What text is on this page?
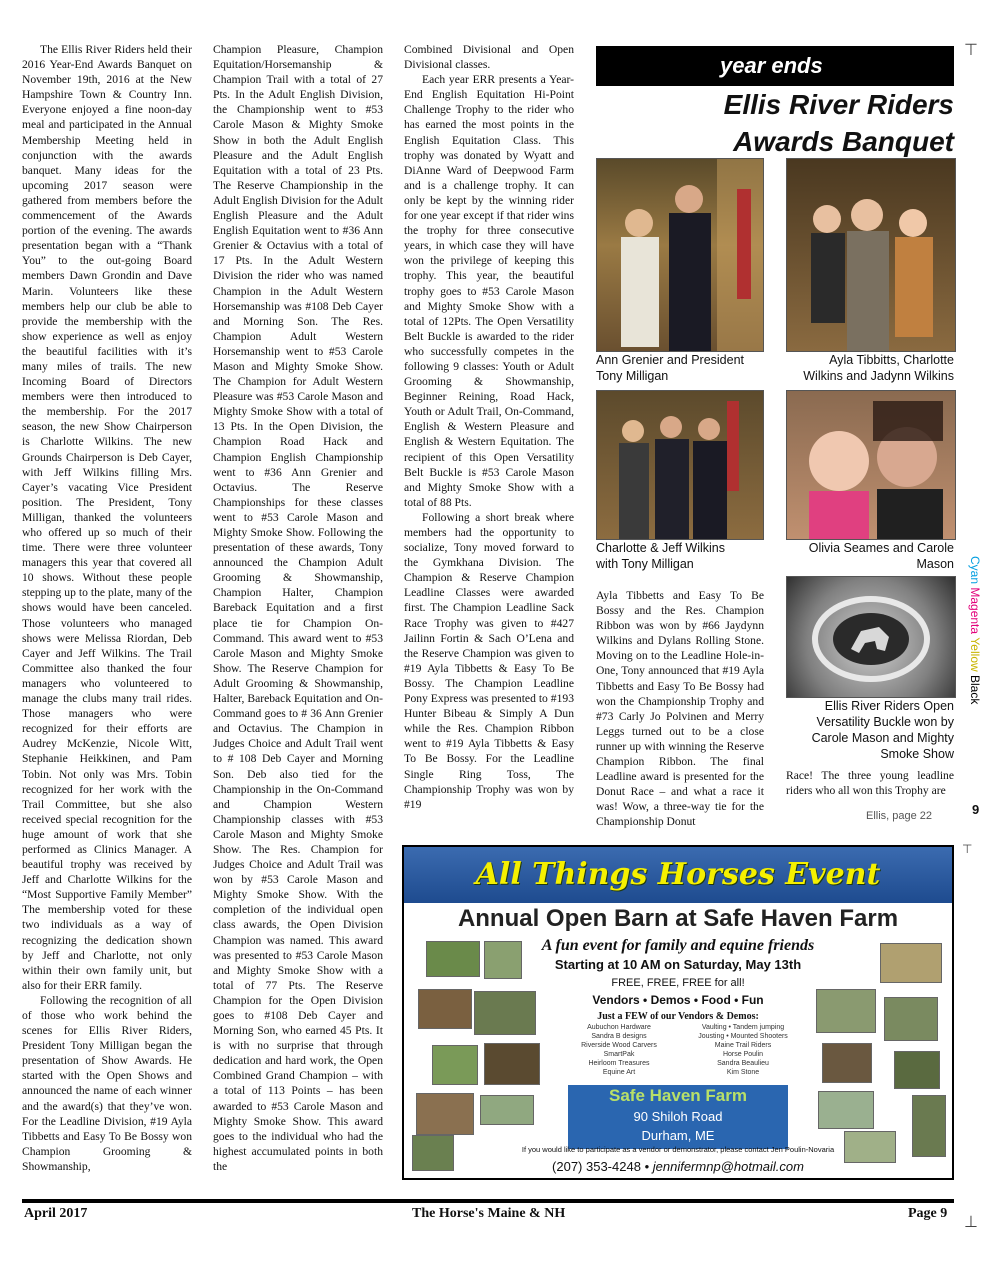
The Ellis River Riders held their 2016 Year-End Awards Banquet on November 19th, 2016 at the New Hampshire Town & Country Inn. Everyone enjoyed a fine noon-day meal and participated in the Annual Membership Meeting held in conjunction with the awards banquet. Many ideas for the upcoming 2017 season were gathered from members before the commencement of the Awards portion of the evening. The awards presentation began with a “Thank You” to the out-going Board members Dawn Grondin and Dave Marin. Volunteers like these members help our club be able to provide the membership with the show experience as well as enjoy the beautiful facilities with it’s many miles of trails. The new Incoming Board of Directors members were then introduced to the membership. For the 2017 season, the new Show Chairperson is Charlotte Wilkins. The new Grounds Chairperson is Deb Cayer, with Jeff Wilkins filling Mrs. Cayer’s vacating Vice President position. The President, Tony Milligan, thanked the volunteers who offered up so much of their time. There were three volunteer managers this year that covered all 10 shows. Without these people stepping up to the plate, many of the shows would have been canceled. Those volunteers who managed shows were Melissa Riordan, Deb Cayer and Jeff Wilkins. The Trail Committee also thanked the four managers who volunteered to manage the clubs many trail rides. Those managers who were recognized for their efforts are Audrey McKenzie, Nicole Witt, Stephanie Heikkinen, and Pam Tobin. Not only was Mrs. Tobin recognized for her work with the Trail Committee, but she also received special recognition for the huge amount of work that she performed as Clinics Manager. A beautiful trophy was received by Jeff and Charlotte Wilkins for the “Most Supportive Family Member” The membership voted for these two individuals as a way of recognizing the dedication shown by Jeff and Charlotte, not only within their own family unit, but also for their ERR family.

Following the recognition of all of those who work behind the scenes for Ellis River Riders, President Tony Milligan began the presentation of Show Awards. He started with the Open Shows and announced the name of each winner and the award(s) that they’ve won. For the Leadline Division, #19 Ayla Tibbetts and Easy To Be Bossy won Champion Grooming & Showmanship,

Champion Pleasure, Champion Equitation/Horsemanship & Champion Trail with a total of 27 Pts. In the Adult English Division, the Championship went to #53 Carole Mason & Mighty Smoke Show in both the Adult English Pleasure and the Adult English Equitation with a total of 23 Pts. The Reserve Championship in the Adult English Division for the Adult English Pleasure and the Adult English Equitation went to #36 Ann Grenier & Octavius with a total of 17 Pts. In the Adult Western Division the rider who was named Champion in the Adult Western Horsemanship was #108 Deb Cayer and Morning Son. The Res. Champion Adult Western Horsemanship went to #53 Carole Mason and Mighty Smoke Show. The Champion for Adult Western Pleasure was #53 Carole Mason and Mighty Smoke Show with a total of 13 Pts. In the Open Division, the Champion Road Hack and Champion English Championship went to #36 Ann Grenier and Octavius. The Reserve Championships for these classes went to #53 Carole Mason and Mighty Smoke Show. Following the presentation of these awards, Tony announced the Champion Adult Grooming & Showmanship, Champion Halter, Champion Bareback Equitation and a first place tie for Champion On-Command. This award went to #53 Carole Mason and Mighty Smoke Show. The Reserve Champion for Adult Grooming & Showmanship, Halter, Bareback Equitation and On-Command goes to # 36 Ann Grenier and Octavius. The Champion in Judges Choice and Adult Trail went to # 108 Deb Cayer and Morning Son. Deb also tied for the Championship in the On-Command and Champion Western Championship classes with #53 Carole Mason and Mighty Smoke Show. The Res. Champion for Judges Choice and Adult Trail was won by #53 Carole Mason and Mighty Smoke Show. With the completion of the individual open class awards, the Open Division Champion was named. This award was presented to #53 Carole Mason and Mighty Smoke Show with a total of 77 Pts. The Reserve Champion for the Open Division goes to #108 Deb Cayer and Morning Son, who earned 45 Pts. It is with no surprise that through dedication and hard work, the Open Combined Grand Champion – with a total of 113 Points – has been awarded to #53 Carole Mason and Mighty Smoke Show. This award goes to the individual who had the highest accumulated points in both the

Combined Divisional and Open Divisional classes.

Each year ERR presents a Year-End English Equitation Hi-Point Challenge Trophy to the rider who has earned the most points in the English Equitation Class. This trophy was donated by Wyatt and DiAnne Ward of Deepwood Farm and is a challenge trophy. It can only be kept by the winning rider for one year except if that rider wins the trophy for three consecutive years, in which case they will have won the privilege of keeping this trophy. This year, the beautiful trophy goes to #53 Carole Mason and Mighty Smoke Show with a total of 12Pts. The Open Versatility Belt Buckle is awarded to the rider who successfully competes in the following 9 classes: Youth or Adult Grooming & Showmanship, Beginner Reining, Road Hack, Youth or Adult Trail, On-Command, English & Western Pleasure and English & Western Equitation. The recipient of this Open Versatility Belt Buckle is #53 Carole Mason and Mighty Smoke Show with a total of 88 Pts.

Following a short break where members had the opportunity to socialize, Tony moved forward to the Gymkhana Division. The Champion & Reserve Champion Leadline Classes were awarded first. The Champion Leadline Sack Race Trophy was given to #427 Jailinn Fortin & Sach O’Lena and the Reserve Champion was given to #19 Ayla Tibbetts & Easy To Be Bossy. The Champion Leadline Pony Express was presented to #193 Hunter Bibeau & Simply A Dun while the Res. Champion Ribbon went to #19 Ayla Tibbetts & Easy To Be Bossy. For the Leadline Single Ring Toss, The Championship Trophy was won by #19

year ends
Ellis River Riders
Awards Banquet
Ann Grenier and President
Tony Milligan
Ayla Tibbitts, Charlotte
Wilkins and Jadynn Wilkins
Charlotte & Jeff Wilkins
with Tony Milligan
Olivia Seames and Carole
Mason
Ellis River Riders Open
Versatility Buckle won by
Carole Mason and Mighty
Smoke Show
Ayla Tibbetts and Easy To Be Bossy and the Res. Champion Ribbon was won by #66 Jaydynn Wilkins and Dylans Rolling Stone. Moving on to the Leadline Hole-in-One, Tony announced that #19 Ayla Tibbetts and Easy To Be Bossy had won the Championship Trophy and #73 Carly Jo Polvinen and Merry Leggs turned out to be a close runner up with winning the Reserve Champion Ribbon. The final Leadline award is presented for the Donut Race – and what a race it was! Wow, a three-way tie for the Championship Donut
Race! The three young leadline riders who all won this Trophy are
Ellis, page 22
Cyan Magenta Yellow Black
9
⊤
⊤
⊥
All Things Horses Event
Annual Open Barn at Safe Haven Farm
A fun event for family and equine friends
Starting at 10 AM on Saturday, May 13th
FREE, FREE, FREE for all!
Vendors • Demos • Food • Fun
Just a FEW of our Vendors & Demos:
Aubuchon Hardware
Sandra B designs
Riverside Wood Carvers
SmartPak
Heirloom Treasures
Equine Art
Vaulting • Tandem jumping
Jousting • Mounted Shooters
Maine Trail Riders
Horse Poulin
Sandra Beaulieu
Kim Stone
Safe Haven Farm
90 Shiloh Road
Durham, ME
If you would like to participate as a vendor or demonstrator, please contact Jen Poulin-Novaria
(207) 353-4248 • jennifermnp@hotmail.com
April 2017	The Horse's Maine & NH	Page 9
